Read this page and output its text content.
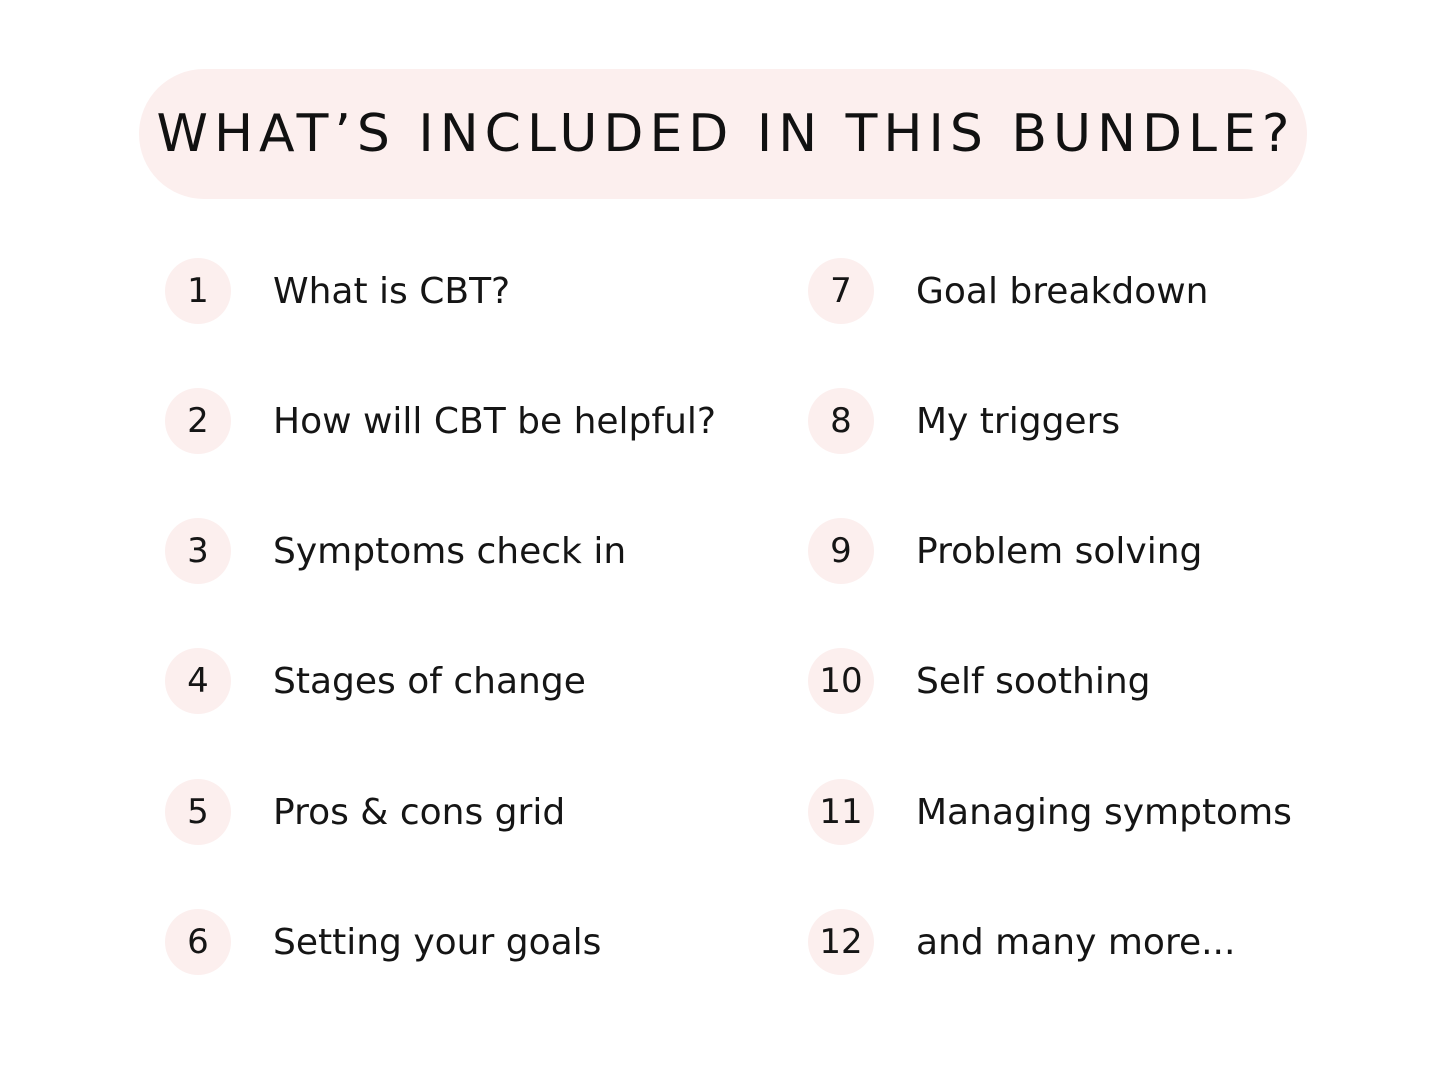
WHAT’S INCLUDED IN THIS BUNDLE?
1 What is CBT?
2 How will CBT be helpful?
3 Symptoms check in
4 Stages of change
5 Pros & cons grid
6 Setting your goals
7 Goal breakdown
8 My triggers
9 Problem solving
10 Self soothing
11 Managing symptoms
12 and many more...
